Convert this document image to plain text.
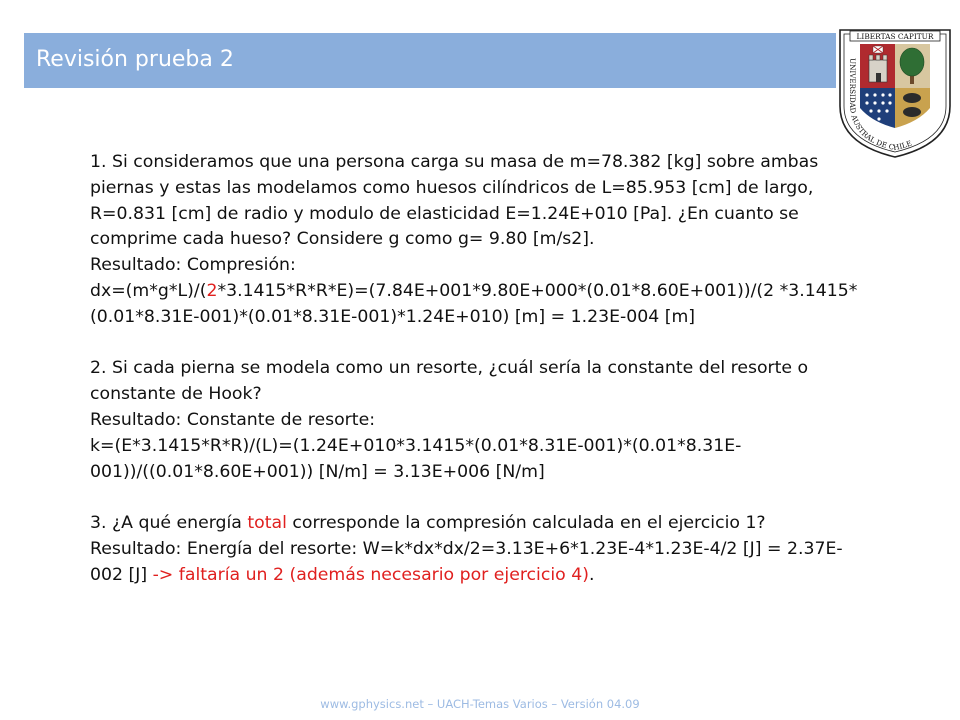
Revisión prueba 2
LIBERTAS CAPITUR
UNIVERSIDAD AUSTRAL DE CHILE

1. Si consideramos que una persona carga su masa de m=78.382 [kg] sobre ambas piernas y estas las modelamos como huesos cilíndricos de L=85.953 [cm] de largo, R=0.831 [cm] de radio y modulo de elasticidad E=1.24E+010 [Pa]. ¿En cuanto se comprime cada hueso? Considere g como g= 9.80 [m/s2].
Resultado: Compresión:
dx=(m*g*L)/(2*3.1415*R*R*E)=(7.84E+001*9.80E+000*(0.01*8.60E+001))/(2 *3.1415*(0.01*8.31E-001)*(0.01*8.31E-001)*1.24E+010) [m] = 1.23E-004 [m]

2. Si cada pierna se modela como un resorte, ¿cuál sería la constante del resorte o constante de Hook?
Resultado: Constante de resorte:
k=(E*3.1415*R*R)/(L)=(1.24E+010*3.1415*(0.01*8.31E-001)*(0.01*8.31E-001))/((0.01*8.60E+001)) [N/m] = 3.13E+006 [N/m]

3. ¿A qué energía total corresponde la compresión calculada en el ejercicio 1?
Resultado: Energía del resorte: W=k*dx*dx/2=3.13E+6*1.23E-4*1.23E-4/2 [J] = 2.37E-002 [J] -> faltaría un 2 (además necesario por ejercicio 4).

www.gphysics.net – UACH-Temas Varios – Versión 04.09
